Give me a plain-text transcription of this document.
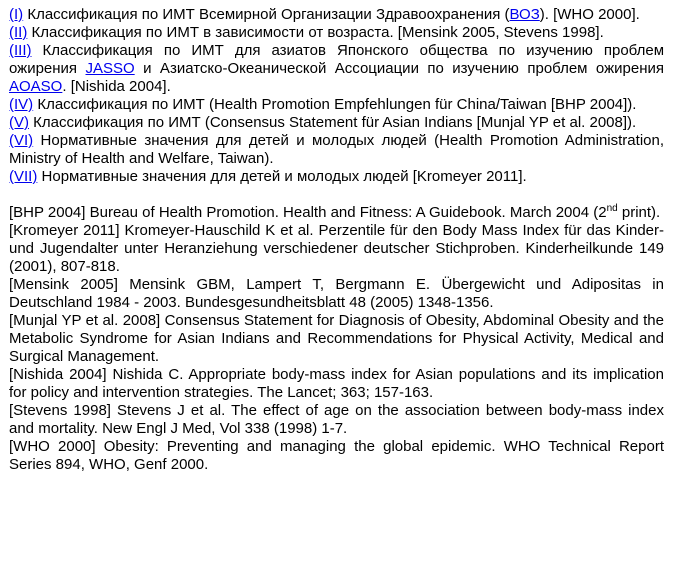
(I) Классификация по ИМТ Всемирной Организации Здравоохранения (ВОЗ). [WHO 2000].

(II) Классификация по ИМТ в зависимости от возраста. [Mensink 2005, Stevens 1998].

(III) Классификация по ИМТ для азиатов Японского общества по изучению проблем ожирения JASSO и Азиатско-Океанической Ассоциации по изучению проблем ожирения AOASO. [Nishida 2004].

(IV) Классификация по ИМТ (Health Promotion Empfehlungen für China/Taiwan [BHP 2004]).

(V) Классификация по ИМТ (Consensus Statement für Asian Indians [Munjal YP et al. 2008]).

(VI) Нормативные значения для детей и молодых людей (Health Promotion Administration, Ministry of Health and Welfare, Taiwan).

(VII) Нормативные значения для детей и молодых людей [Kromeyer 2011].

[BHP 2004] Bureau of Health Promotion. Health and Fitness: A Guidebook. March 2004 (2nd print).

[Kromeyer 2011] Kromeyer-Hauschild K et al. Perzentile für den Body Mass Index für das Kinder- und Jugendalter unter Heranziehung verschiedener deutscher Stichproben. Kinderheilkunde 149 (2001), 807-818.

[Mensink 2005] Mensink GBM, Lampert T, Bergmann E. Übergewicht und Adipositas in Deutschland 1984 - 2003. Bundesgesundheitsblatt 48 (2005) 1348-1356.

[Munjal YP et al. 2008] Consensus Statement for Diagnosis of Obesity, Abdominal Obesity and the Metabolic Syndrome for Asian Indians and Recommendations for Physical Activity, Medical and Surgical Management.

[Nishida 2004] Nishida C. Appropriate body-mass index for Asian populations and its implication for policy and intervention strategies. The Lancet; 363; 157-163.

[Stevens 1998] Stevens J et al. The effect of age on the association between body-mass index and mortality. New Engl J Med, Vol 338 (1998) 1-7.

[WHO 2000] Obesity: Preventing and managing the global epidemic. WHO Technical Report Series 894, WHO, Genf 2000.
